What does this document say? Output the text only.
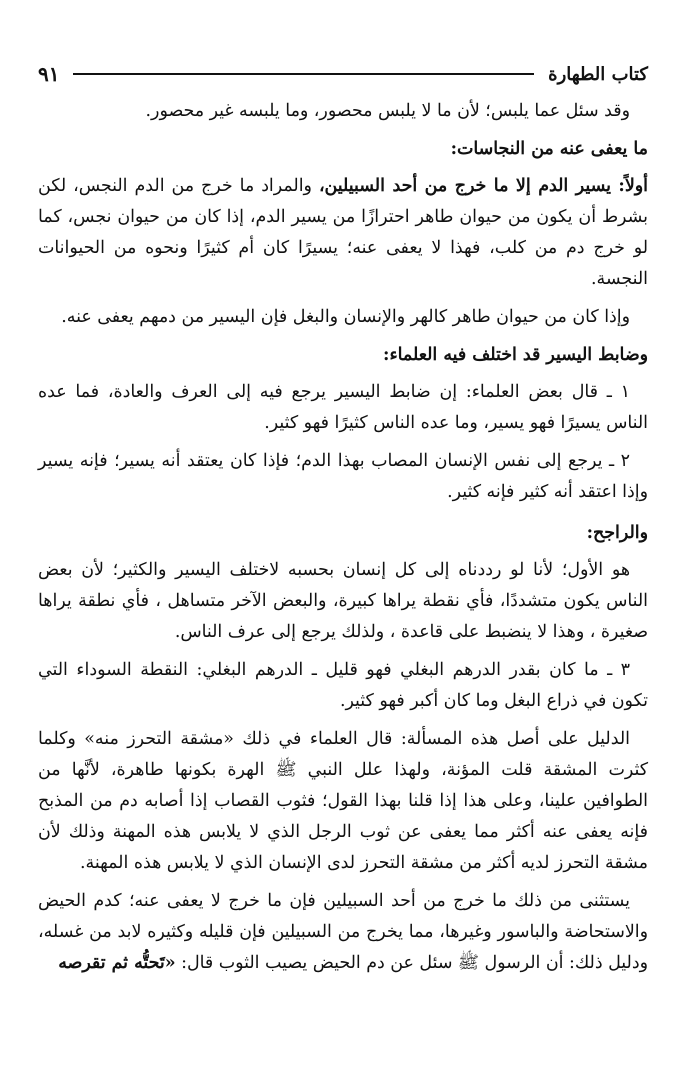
كتاب الطهارة
٩١

وقد سئل عما يلبس؛ لأن ما لا يلبس محصور، وما يلبسه غير محصور.

ما يعفى عنه من النجاسات:

أولاً: يسير الدم إلا ما خرج من أحد السبيلين، والمراد ما خرج من الدم النجس، لكن بشرط أن يكون من حيوان طاهر احترازًا من يسير الدم، إذا كان من حيوان نجس، كما لو خرج دم من كلب، فهذا لا يعفى عنه؛ يسيرًا كان أم كثيرًا ونحوه من الحيوانات النجسة.

وإذا كان من حيوان طاهر كالهر والإنسان والبغل فإن اليسير من دمهم يعفى عنه.

وضابط اليسير قد اختلف فيه العلماء:

١ ـ قال بعض العلماء: إن ضابط اليسير يرجع فيه إلى العرف والعادة، فما عده الناس يسيرًا فهو يسير، وما عده الناس كثيرًا فهو كثير.

٢ ـ يرجع إلى نفس الإنسان المصاب بهذا الدم؛ فإذا كان يعتقد أنه يسير؛ فإنه يسير وإذا اعتقد أنه كثير فإنه كثير.

والراجح:

هو الأول؛ لأنا لو رددناه إلى كل إنسان بحسبه لاختلف اليسير والكثير؛ لأن بعض الناس يكون متشددًا، فأي نقطة يراها كبيرة، والبعض الآخر متساهل ، فأي نطقة يراها صغيرة ، وهذا لا ينضبط على قاعدة ، ولذلك يرجع إلى عرف الناس.

٣ ـ ما كان بقدر الدرهم البغلي فهو قليل ـ الدرهم البغلي: النقطة السوداء التي تكون في ذراع البغل وما كان أكبر فهو كثير.

الدليل على أصل هذه المسألة: قال العلماء في ذلك «مشقة التحرز منه» وكلما كثرت المشقة قلت المؤنة، ولهذا علل النبي ﷺ الهرة بكونها طاهرة، لأنَّها من الطوافين علينا، وعلى هذا إذا قلنا بهذا القول؛ فثوب القصاب إذا أصابه دم من المذبح فإنه يعفى عنه أكثر مما يعفى عن ثوب الرجل الذي لا يلابس هذه المهنة وذلك لأن مشقة التحرز لديه أكثر من مشقة التحرز لدى الإنسان الذي لا يلابس هذه المهنة.

يستثنى من ذلك ما خرج من أحد السبيلين فإن ما خرج لا يعفى عنه؛ كدم الحيض والاستحاضة والباسور وغيرها، مما يخرج من السبيلين فإن قليله وكثيره لابد من غسله، ودليل ذلك: أن الرسول ﷺ سئل عن دم الحيض يصيب الثوب قال: «تَحتُّه ثم تقرصه
